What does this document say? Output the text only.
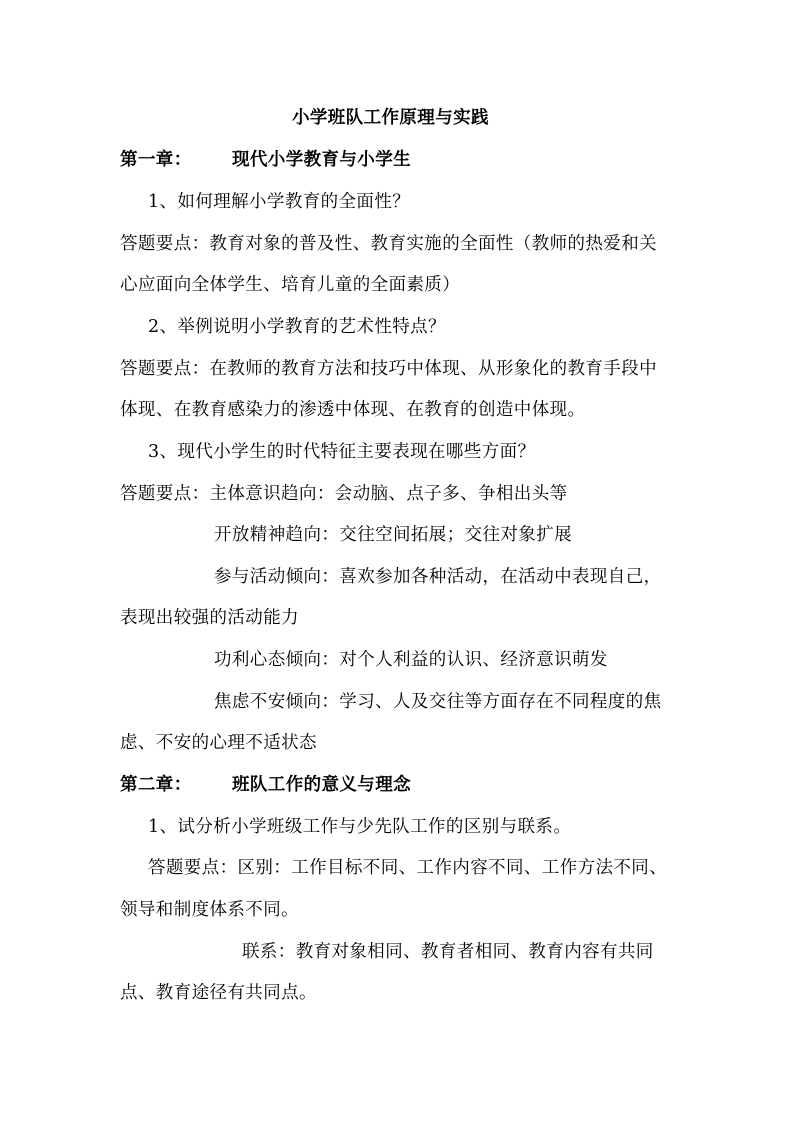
小学班队工作原理与实践
第一章： 现代小学教育与小学生
1、如何理解小学教育的全面性？
答题要点：教育对象的普及性、教育实施的全面性（教师的热爱和关
心应面向全体学生、培育儿童的全面素质）
2、举例说明小学教育的艺术性特点？
答题要点：在教师的教育方法和技巧中体现、从形象化的教育手段中
体现、在教育感染力的渗透中体现、在教育的创造中体现。
3、现代小学生的时代特征主要表现在哪些方面？
答题要点：主体意识趋向：会动脑、点子多、争相出头等
开放精神趋向：交往空间拓展；交往对象扩展
参与活动倾向：喜欢参加各种活动，在活动中表现自己，
表现出较强的活动能力
功利心态倾向：对个人利益的认识、经济意识萌发
焦虑不安倾向：学习、人及交往等方面存在不同程度的焦
虑、不安的心理不适状态
第二章： 班队工作的意义与理念
1、试分析小学班级工作与少先队工作的区别与联系。
答题要点：区别：工作目标不同、工作内容不同、工作方法不同、
领导和制度体系不同。
联系：教育对象相同、教育者相同、教育内容有共同
点、教育途径有共同点。
